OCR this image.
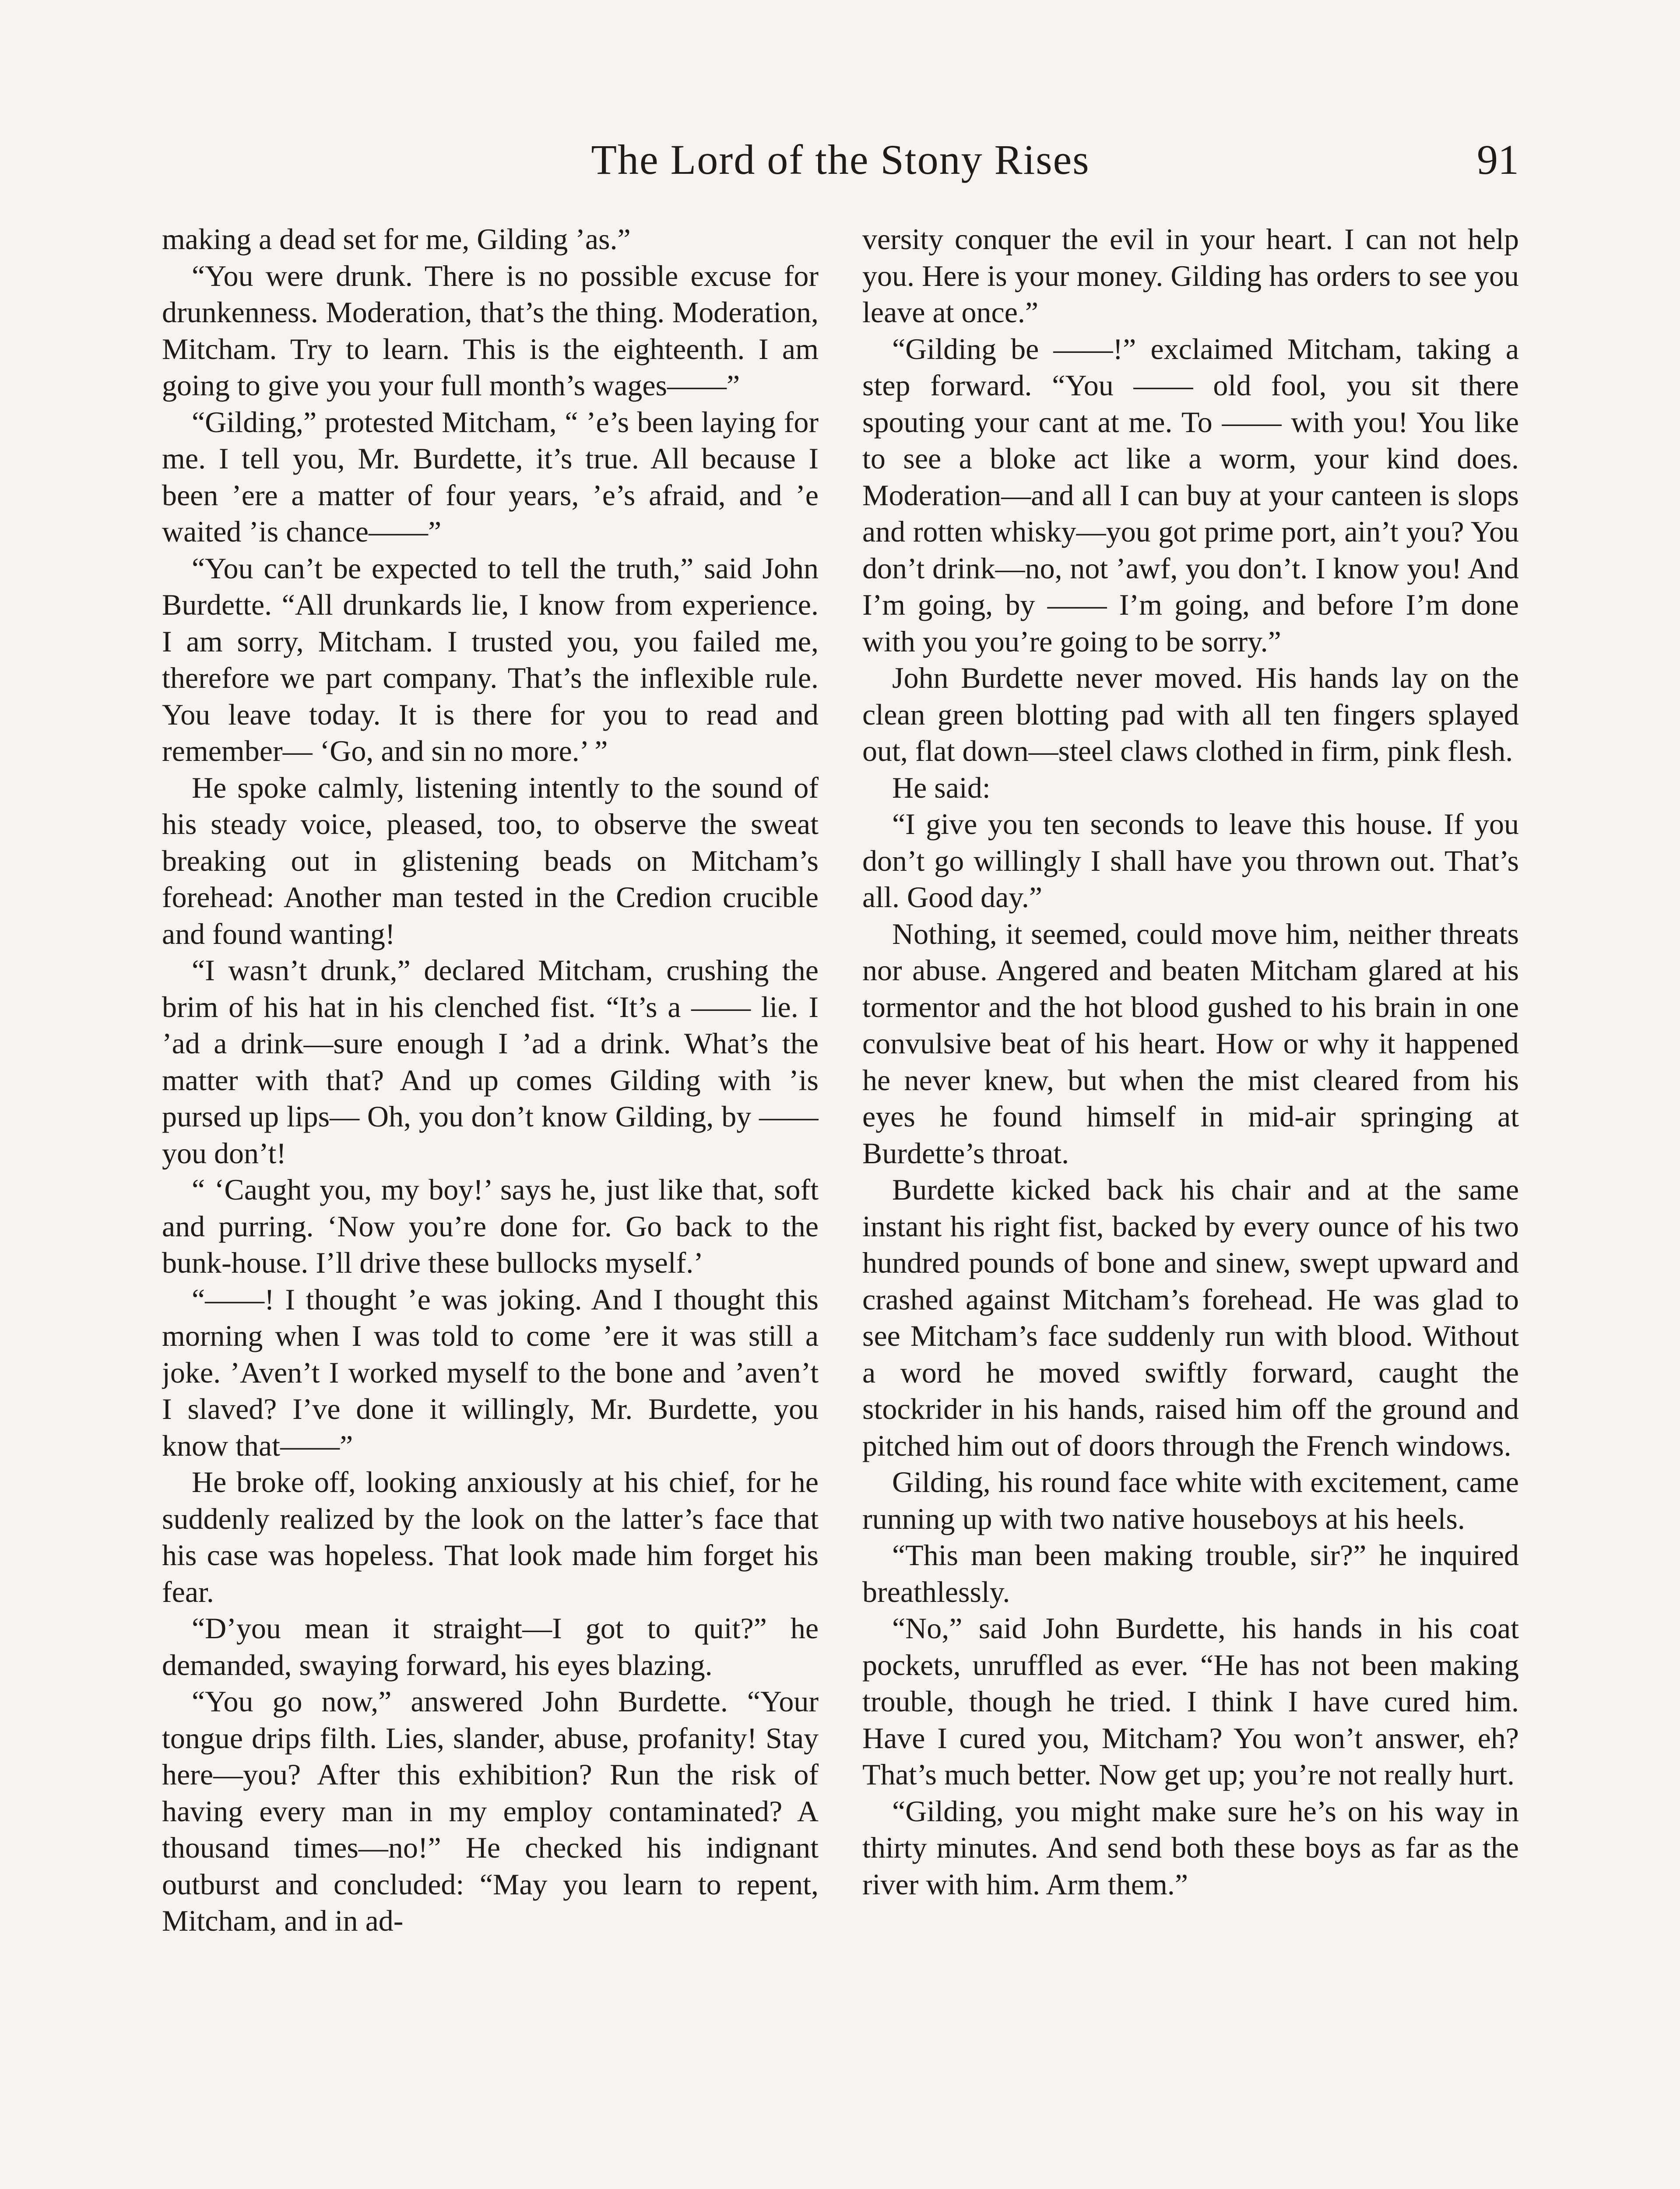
The Lord of the Stony Rises	91

making a dead set for me, Gilding ’as.”

“You were drunk. There is no possible excuse for drunkenness. Moderation, that’s the thing. Moderation, Mitcham. Try to learn. This is the eighteenth. I am going to give you your full month’s wages——”

“Gilding,” protested Mitcham, “ ’e’s been laying for me. I tell you, Mr. Burdette, it’s true. All because I been ’ere a matter of four years, ’e’s afraid, and ’e waited ’is chance——”

“You can’t be expected to tell the truth,” said John Burdette. “All drunkards lie, I know from experience. I am sorry, Mitcham. I trusted you, you failed me, therefore we part company. That’s the inflexible rule. You leave today. It is there for you to read and remember— ‘Go, and sin no more.’ ”

He spoke calmly, listening intently to the sound of his steady voice, pleased, too, to observe the sweat breaking out in glistening beads on Mitcham’s forehead: Another man tested in the Credion crucible and found wanting!

“I wasn’t drunk,” declared Mitcham, crushing the brim of his hat in his clenched fist. “It’s a —— lie. I ’ad a drink—sure enough I ’ad a drink. What’s the matter with that? And up comes Gilding with ’is pursed up lips— Oh, you don’t know Gilding, by —— you don’t!

“ ‘Caught you, my boy!’ says he, just like that, soft and purring. ‘Now you’re done for. Go back to the bunk-house. I’ll drive these bullocks myself.’

“——! I thought ’e was joking. And I thought this morning when I was told to come ’ere it was still a joke. ’Aven’t I worked myself to the bone and ’aven’t I slaved? I’ve done it willingly, Mr. Burdette, you know that——”

He broke off, looking anxiously at his chief, for he suddenly realized by the look on the latter’s face that his case was hopeless. That look made him forget his fear.

“D’you mean it straight—I got to quit?” he demanded, swaying forward, his eyes blazing.

“You go now,” answered John Burdette. “Your tongue drips filth. Lies, slander, abuse, profanity! Stay here—you? After this exhibition? Run the risk of having every man in my employ contaminated? A thousand times—no!” He checked his indignant outburst and concluded: “May you learn to repent, Mitcham, and in ad-

versity conquer the evil in your heart. I can not help you. Here is your money. Gilding has orders to see you leave at once.”

“Gilding be ——!” exclaimed Mitcham, taking a step forward. “You —— old fool, you sit there spouting your cant at me. To —— with you! You like to see a bloke act like a worm, your kind does. Moderation—and all I can buy at your canteen is slops and rotten whisky—you got prime port, ain’t you? You don’t drink—no, not ’awf, you don’t. I know you! And I’m going, by —— I’m going, and before I’m done with you you’re going to be sorry.”

John Burdette never moved. His hands lay on the clean green blotting pad with all ten fingers splayed out, flat down—steel claws clothed in firm, pink flesh.

He said:

“I give you ten seconds to leave this house. If you don’t go willingly I shall have you thrown out. That’s all. Good day.”

Nothing, it seemed, could move him, neither threats nor abuse. Angered and beaten Mitcham glared at his tormentor and the hot blood gushed to his brain in one convulsive beat of his heart. How or why it happened he never knew, but when the mist cleared from his eyes he found himself in mid-air springing at Burdette’s throat.

Burdette kicked back his chair and at the same instant his right fist, backed by every ounce of his two hundred pounds of bone and sinew, swept upward and crashed against Mitcham’s forehead. He was glad to see Mitcham’s face suddenly run with blood. Without a word he moved swiftly forward, caught the stockrider in his hands, raised him off the ground and pitched him out of doors through the French windows.

Gilding, his round face white with excitement, came running up with two native houseboys at his heels.

“This man been making trouble, sir?” he inquired breathlessly.

“No,” said John Burdette, his hands in his coat pockets, unruffled as ever. “He has not been making trouble, though he tried. I think I have cured him. Have I cured you, Mitcham? You won’t answer, eh? That’s much better. Now get up; you’re not really hurt.

“Gilding, you might make sure he’s on his way in thirty minutes. And send both these boys as far as the river with him. Arm them.”
